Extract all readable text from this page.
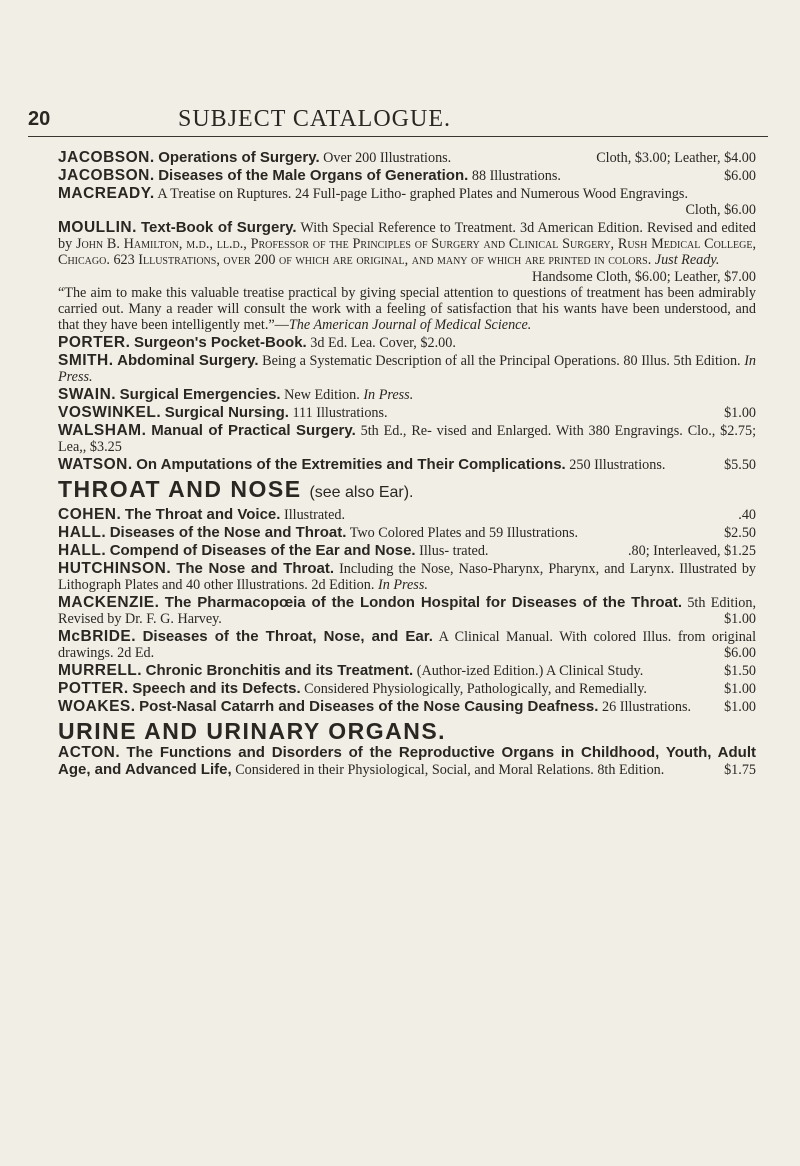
20	SUBJECT CATALOGUE.
JACOBSON. Operations of Surgery. Over 200 Illustrations.	Cloth, $3.00; Leather, $4.00
JACOBSON. Diseases of the Male Organs of Generation. 88 Illustrations.	$6.00
MACREADY. A Treatise on Ruptures. 24 Full-page Litho- graphed Plates and Numerous Wood Engravings.
Cloth, $6.00
MOULLIN. Text-Book of Surgery. With Special Reference to Treatment. 3d American Edition. Revised and edited by John B. Hamilton, m.d., ll.d., Professor of the Principles of Surgery and Clinical Surgery, Rush Medical College, Chicago. 623 Illustrations, over 200 of which are original, and many of which are printed in colors. Just Ready.
Handsome Cloth, $6.00; Leather, $7.00
“The aim to make this valuable treatise practical by giving special attention to questions of treatment has been admirably carried out. Many a reader will consult the work with a feeling of satisfaction that his wants have been understood, and that they have been intelligently met.”—The American Journal of Medical Science.
PORTER. Surgeon's Pocket-Book. 3d Ed. Lea. Cover, $2.00.
SMITH. Abdominal Surgery. Being a Systematic Description of all the Principal Operations. 80 Illus. 5th Edition. In Press.
SWAIN. Surgical Emergencies. New Edition. In Press.
VOSWINKEL. Surgical Nursing. 111 Illustrations.	$1.00
WALSHAM. Manual of Practical Surgery. 5th Ed., Re- vised and Enlarged. With 380 Engravings. Clo., $2.75; Lea,, $3.25
WATSON. On Amputations of the Extremities and Their Complications. 250 Illustrations.	$5.50
THROAT AND NOSE (see also Ear).
COHEN. The Throat and Voice. Illustrated.	.40
HALL. Diseases of the Nose and Throat. Two Colored Plates and 59 Illustrations.	$2.50
HALL. Compend of Diseases of the Ear and Nose. Illus- trated.	.80; Interleaved, $1.25
HUTCHINSON. The Nose and Throat. Including the Nose, Naso-Pharynx, Pharynx, and Larynx. Illustrated by Lithograph Plates and 40 other Illustrations. 2d Edition. In Press.
MACKENZIE. The Pharmacopœia of the London Hospital for Diseases of the Throat. 5th Edition, Revised by Dr. F. G. Harvey.	$1.00
McBRIDE. Diseases of the Throat, Nose, and Ear. A Clinical Manual. With colored Illus. from original drawings. 2d Ed.	$6.00
MURRELL. Chronic Bronchitis and its Treatment. (Author-ized Edition.) A Clinical Study.	$1.50
POTTER. Speech and its Defects. Considered Physiologically, Pathologically, and Remedially.	$1.00
WOAKES. Post-Nasal Catarrh and Diseases of the Nose Causing Deafness. 26 Illustrations. $1.00
URINE AND URINARY ORGANS.
ACTON. The Functions and Disorders of the Reproductive Organs in Childhood, Youth, Adult Age, and Advanced Life, Considered in their Physiological, Social, and Moral Relations. 8th Edition.	$1.75
